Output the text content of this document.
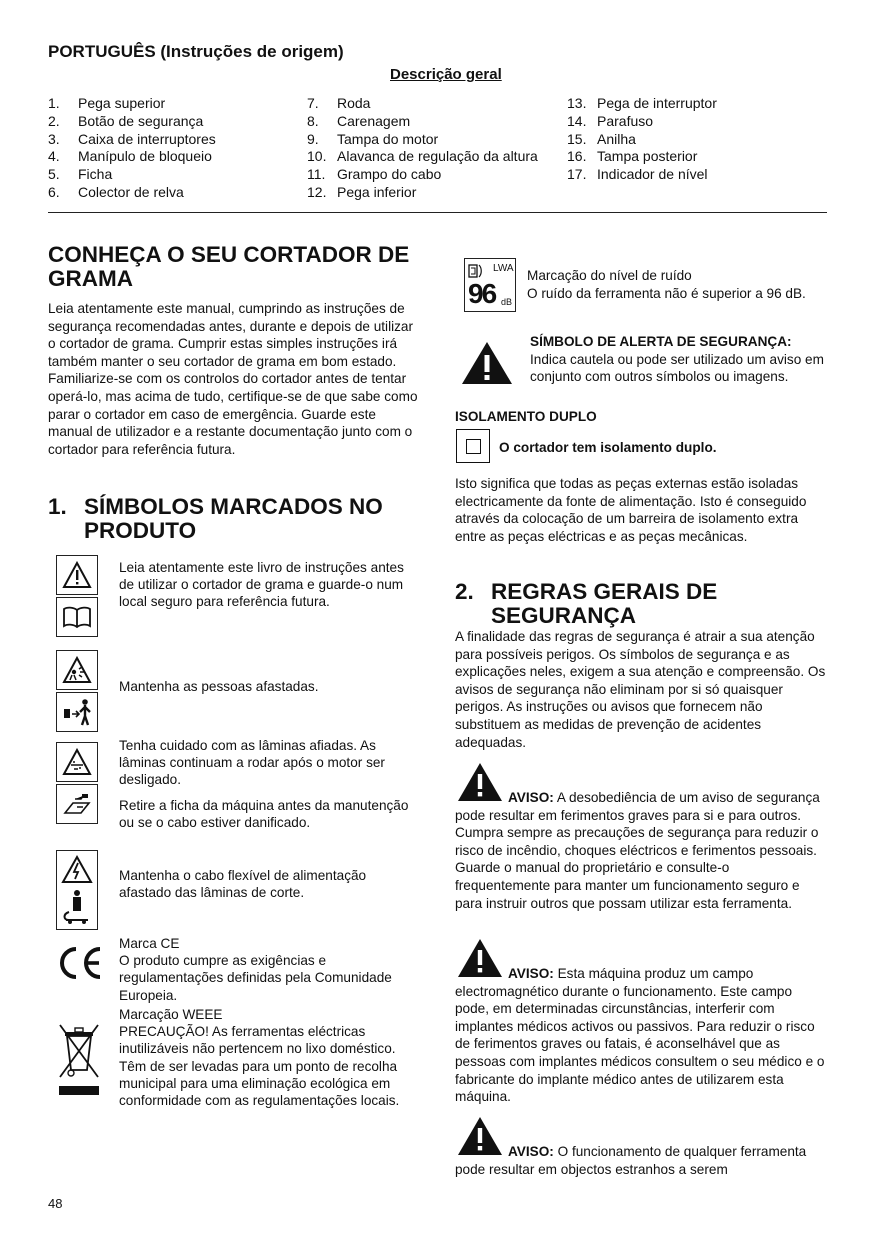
PORTUGUÊS (Instruções de origem)
Descrição geral
1.	Pega superior
2.	Botão de segurança
3.	Caixa de interruptores
4.	Manípulo de bloqueio
5.	Ficha
6.	Colector de relva
7.	Roda
8.	Carenagem
9.	Tampa do motor
10. Alavanca de regulação da altura
11. Grampo do cabo
12. Pega inferior
13. Pega de interruptor
14. Parafuso
15. Anilha
16. Tampa posterior
17. Indicador de nível
CONHEÇA O SEU CORTADOR DE
GRAMA
Leia atentamente este manual, cumprindo as instruções de segurança recomendadas antes, durante e depois de utilizar o cortador de grama. Cumprir estas simples instruções irá também manter o seu cortador de grama em bom estado. Familiarize-se com os controlos do cortador antes de tentar operá-lo, mas acima de tudo, certifique-se de que sabe como parar o cortador em caso de emergência. Guarde este manual de utilizador e a restante documentação junto com o cortador para referência futura.
1. SÍMBOLOS MARCADOS NO
PRODUTO
Leia atentamente este livro de instruções antes de utilizar o cortador de grama e guarde-o num local seguro para referência futura.
Mantenha as pessoas afastadas.
Tenha cuidado com as lâminas afiadas. As lâminas continuam a rodar após o motor ser desligado.
Retire a ficha da máquina antes da manutenção ou se o cabo estiver danificado.
Mantenha o cabo flexível de alimentação afastado das lâminas de corte.
Marca CE
O produto cumpre as exigências e regulamentações definidas pela Comunidade Europeia.
Marcação WEEE
PRECAUÇÃO! As ferramentas eléctricas inutilizáveis não pertencem no lixo doméstico. Têm de ser levadas para um ponto de recolha municipal para uma eliminação ecológica em conformidade com as regulamentações locais.
LWA
96 dB
Marcação do nível de ruído
O ruído da ferramenta não é superior a 96 dB.
SÍMBOLO DE ALERTA DE SEGURANÇA:
Indica cautela ou pode ser utilizado um aviso em conjunto com outros símbolos ou imagens.
ISOLAMENTO DUPLO
O cortador tem isolamento duplo.
Isto significa que todas as peças externas estão isoladas electricamente da fonte de alimentação. Isto é conseguido através da colocação de um barreira de isolamento extra entre as peças eléctricas e as peças mecânicas.
2. REGRAS GERAIS DE
SEGURANÇA
A finalidade das regras de segurança é atrair a sua atenção para possíveis perigos. Os símbolos de segurança e as explicações neles, exigem a sua atenção e compreensão. Os avisos de segurança não eliminam por si só quaisquer perigos. As instruções ou avisos que fornecem não substituem as medidas de prevenção de acidentes adequadas.
AVISO: A desobediência de um aviso de segurança pode resultar em ferimentos graves para si e para outros. Cumpra sempre as precauções de segurança para reduzir o risco de incêndio, choques eléctricos e ferimentos pessoais. Guarde o manual do proprietário e consulte-o frequentemente para manter um funcionamento seguro e para instruir outros que possam utilizar esta ferramenta.
AVISO: Esta máquina produz um campo electromagnético durante o funcionamento. Este campo pode, em determinadas circunstâncias, interferir com implantes médicos activos ou passivos. Para reduzir o risco de ferimentos graves ou fatais, é aconselhável que as pessoas com implantes médicos consultem o seu médico e o fabricante do implante médico antes de utilizarem esta máquina.
AVISO: O funcionamento de qualquer ferramenta pode resultar em objectos estranhos a serem
48
